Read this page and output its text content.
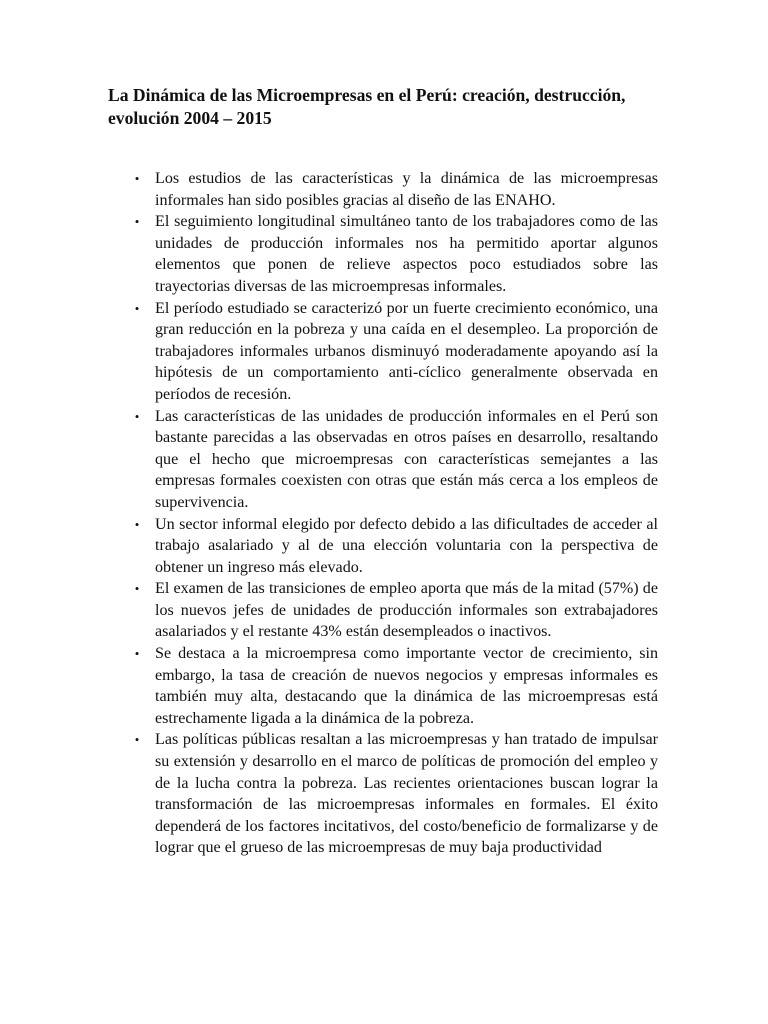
La Dinámica de las Microempresas en el Perú: creación, destrucción, evolución 2004 – 2015
• Los estudios de las características y la dinámica de las microempresas informales han sido posibles gracias al diseño de las ENAHO.
• El seguimiento longitudinal simultáneo tanto de los trabajadores como de las unidades de producción informales nos ha permitido aportar algunos elementos que ponen de relieve aspectos poco estudiados sobre las trayectorias diversas de las microempresas informales.
• El período estudiado se caracterizó por un fuerte crecimiento económico, una gran reducción en la pobreza y una caída en el desempleo. La proporción de trabajadores informales urbanos disminuyó moderadamente apoyando así la hipótesis de un comportamiento anti-cíclico generalmente observada en períodos de recesión.
• Las características de las unidades de producción informales en el Perú son bastante parecidas a las observadas en otros países en desarrollo, resaltando que el hecho que microempresas con características semejantes a las empresas formales coexisten con otras que están más cerca a los empleos de supervivencia.
• Un sector informal elegido por defecto debido a las dificultades de acceder al trabajo asalariado y al de una elección voluntaria con la perspectiva de obtener un ingreso más elevado.
• El examen de las transiciones de empleo aporta que más de la mitad (57%) de los nuevos jefes de unidades de producción informales son extrabajadores asalariados y el restante 43% están desempleados o inactivos.
• Se destaca a la microempresa como importante vector de crecimiento, sin embargo, la tasa de creación de nuevos negocios y empresas informales es también muy alta, destacando que la dinámica de las microempresas está estrechamente ligada a la dinámica de la pobreza.
• Las políticas públicas resaltan a las microempresas y han tratado de impulsar su extensión y desarrollo en el marco de políticas de promoción del empleo y de la lucha contra la pobreza. Las recientes orientaciones buscan lograr la transformación de las microempresas informales en formales. El éxito dependerá de los factores incitativos, del costo/beneficio de formalizarse y de lograr que el grueso de las microempresas de muy baja productividad
